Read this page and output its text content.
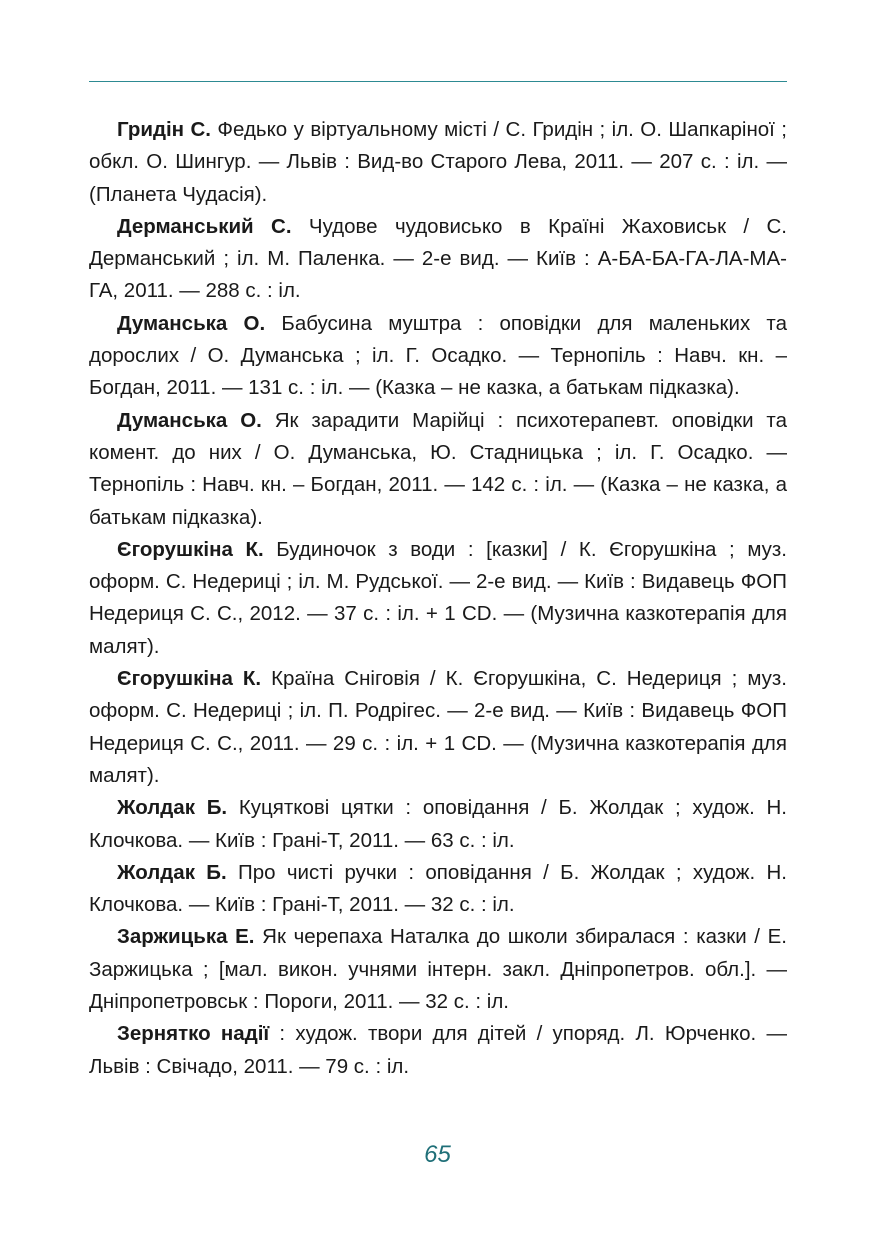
Гридін С. Федько у віртуальному місті / С. Гридін ; іл. О. Шапкаріної ; обкл. О. Шингур. — Львів : Вид-во Старого Лева, 2011. — 207 с. : іл. — (Планета Чудасія).

Дерманський С. Чудове чудовисько в Країні Жаховиськ / С. Дерманський ; іл. М. Паленка. — 2-е вид. — Київ : А-БА-БА-ГА-ЛА-МА-ГА, 2011. — 288 с. : іл.

Думанська О. Бабусина муштра : оповідки для маленьких та дорослих / О. Думанська ; іл. Г. Осадко. — Тернопіль : Навч. кн. – Богдан, 2011. — 131 с. : іл. — (Казка – не казка, а батькам підказка).

Думанська О. Як зарадити Марійці : психотерапевт. оповідки та комент. до них / О. Думанська, Ю. Стадницька ; іл. Г. Осадко. — Тернопіль : Навч. кн. – Богдан, 2011. — 142 с. : іл. — (Казка – не казка, а батькам підказка).

Єгорушкіна К. Будиночок з води : [казки] / К. Єгорушкіна ; муз. оформ. С. Недериці ; іл. М. Рудської. — 2-е вид. — Київ : Видавець ФОП Недериця С. С., 2012. — 37 с. : іл. + 1 CD. — (Музична казкотерапія для малят).

Єгорушкіна К. Країна Сніговія / К. Єгорушкіна, С. Недериця ; муз. оформ. С. Недериці ; іл. П. Родрігес. — 2-е вид. — Київ : Видавець ФОП Недериця С. С., 2011. — 29 с. : іл. + 1 CD. — (Музична казкотерапія для малят).

Жолдак Б. Куцяткові цятки : оповідання / Б. Жолдак ; худож. Н. Клочкова. — Київ : Грані-Т, 2011. — 63 с. : іл.

Жолдак Б. Про чисті ручки : оповідання / Б. Жолдак ; худож. Н. Клочкова. — Київ : Грані-Т, 2011. — 32 с. : іл.

Заржицька Е. Як черепаха Наталка до школи збиралася : казки / Е. Заржицька ; [мал. викон. учнями інтерн. закл. Дніпропетров. обл.]. — Дніпропетровськ : Пороги, 2011. — 32 с. : іл.

Зернятко надії : худож. твори для дітей / упоряд. Л. Юрченко. — Львів : Свічадо, 2011. — 79 с. : іл.

65
